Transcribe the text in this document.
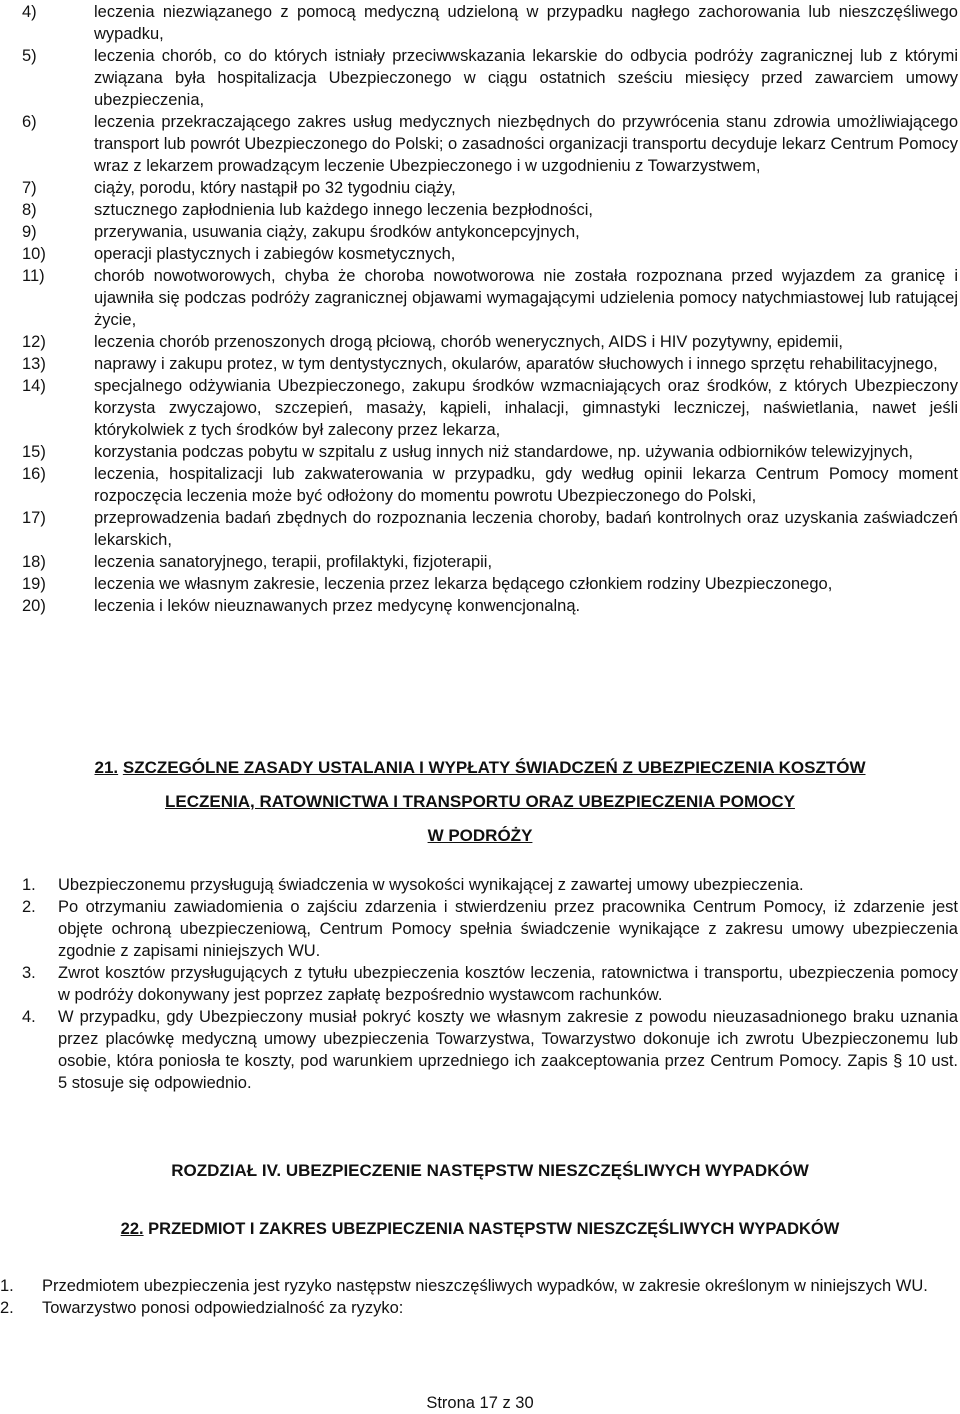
4)	leczenia niezwiązanego z pomocą medyczną udzieloną w przypadku nagłego zachorowania lub nieszczęśliwego wypadku,
5)	leczenia chorób, co do których istniały przeciwwskazania lekarskie do odbycia podróży zagranicznej lub z którymi związana była hospitalizacja Ubezpieczonego w ciągu ostatnich sześciu miesięcy przed zawarciem umowy ubezpieczenia,
6)	leczenia przekraczającego zakres usług medycznych niezbędnych do przywrócenia stanu zdrowia umożliwiającego transport lub powrót Ubezpieczonego do Polski; o zasadności organizacji transportu decyduje lekarz Centrum Pomocy wraz z lekarzem prowadzącym leczenie Ubezpieczonego i w uzgodnieniu z Towarzystwem,
7)	ciąży, porodu, który nastąpił po 32 tygodniu ciąży,
8)	sztucznego zapłodnienia lub każdego innego leczenia bezpłodności,
9)	przerywania, usuwania ciąży, zakupu środków antykoncepcyjnych,
10)	operacji plastycznych i zabiegów kosmetycznych,
11)	chorób nowotworowych, chyba że choroba nowotworowa nie została rozpoznana przed wyjazdem za granicę i ujawniła się podczas podróży zagranicznej objawami wymagającymi udzielenia pomocy natychmiastowej lub ratującej życie,
12)	leczenia chorób przenoszonych drogą płciową, chorób wenerycznych, AIDS i HIV pozytywny, epidemii,
13)	naprawy i zakupu protez, w tym dentystycznych, okularów, aparatów słuchowych i innego sprzętu rehabilitacyjnego,
14)	specjalnego odżywiania Ubezpieczonego, zakupu środków wzmacniających oraz środków, z których Ubezpieczony korzysta zwyczajowo, szczepień, masaży, kąpieli, inhalacji, gimnastyki leczniczej, naświetlania, nawet jeśli którykolwiek z tych środków był zalecony przez lekarza,
15)	korzystania podczas pobytu w szpitalu z usług innych niż standardowe, np. używania odbiorników telewizyjnych,
16)	leczenia, hospitalizacji lub zakwaterowania w przypadku, gdy według opinii lekarza Centrum Pomocy moment rozpoczęcia leczenia może być odłożony do momentu powrotu Ubezpieczonego do Polski,
17)	przeprowadzenia badań zbędnych do rozpoznania leczenia choroby, badań kontrolnych oraz uzyskania zaświadczeń lekarskich,
18)	leczenia sanatoryjnego, terapii, profilaktyki, fizjoterapii,
19)	leczenia we własnym zakresie, leczenia przez lekarza będącego członkiem rodziny Ubezpieczonego,
20)	leczenia i leków nieuznawanych przez medycynę konwencjonalną.
21. SZCZEGÓLNE ZASADY USTALANIA I WYPŁATY ŚWIADCZEŃ Z UBEZPIECZENIA KOSZTÓW
LECZENIA, RATOWNICTWA I TRANSPORTU ORAZ UBEZPIECZENIA POMOCY
W PODRÓŻY
1.	Ubezpieczonemu przysługują świadczenia w wysokości wynikającej z zawartej umowy ubezpieczenia.
2.	Po otrzymaniu zawiadomienia o zajściu zdarzenia i stwierdzeniu przez pracownika Centrum Pomocy, iż zdarzenie jest objęte ochroną ubezpieczeniową, Centrum Pomocy spełnia świadczenie wynikające z zakresu umowy ubezpieczenia zgodnie z zapisami niniejszych WU.
3.	Zwrot kosztów przysługujących z tytułu ubezpieczenia kosztów leczenia, ratownictwa i transportu, ubezpieczenia pomocy w podróży dokonywany jest poprzez zapłatę bezpośrednio wystawcom rachunków.
4.	W przypadku, gdy Ubezpieczony musiał pokryć koszty we własnym zakresie z powodu nieuzasadnionego braku uznania przez placówkę medyczną umowy ubezpieczenia Towarzystwa, Towarzystwo dokonuje ich zwrotu Ubezpieczonemu lub osobie, która poniosła te koszty, pod warunkiem uprzedniego ich zaakceptowania przez Centrum Pomocy. Zapis § 10 ust. 5 stosuje się odpowiednio.
ROZDZIAŁ IV. UBEZPIECZENIE NASTĘPSTW NIESZCZĘŚLIWYCH WYPADKÓW
22. PRZEDMIOT I ZAKRES UBEZPIECZENIA NASTĘPSTW NIESZCZĘŚLIWYCH WYPADKÓW
1.	Przedmiotem ubezpieczenia jest ryzyko następstw nieszczęśliwych wypadków, w zakresie określonym w niniejszych WU.
2.	Towarzystwo ponosi odpowiedzialność za ryzyko:
Strona 17 z 30
